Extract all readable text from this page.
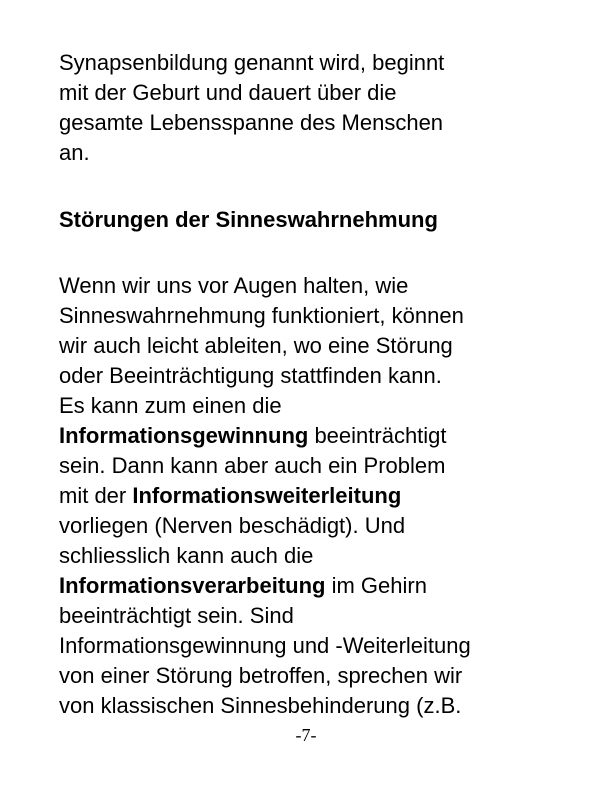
Synapsenbildung genannt wird, beginnt
mit der Geburt und dauert über die
gesamte Lebensspanne des Menschen
an.

Störungen der Sinneswahrnehmung

Wenn wir uns vor Augen halten, wie
Sinneswahrnehmung funktioniert, können
wir auch leicht ableiten, wo eine Störung
oder Beeinträchtigung stattfinden kann.
Es kann zum einen die
Informationsgewinnung beeinträchtigt
sein. Dann kann aber auch ein Problem
mit der Informationsweiterleitung
vorliegen (Nerven beschädigt). Und
schliesslich kann auch die
Informationsverarbeitung im Gehirn
beeinträchtigt sein. Sind
Informationsgewinnung und -Weiterleitung
von einer Störung betroffen, sprechen wir
von klassischen Sinnesbehinderung (z.B.

-7-
